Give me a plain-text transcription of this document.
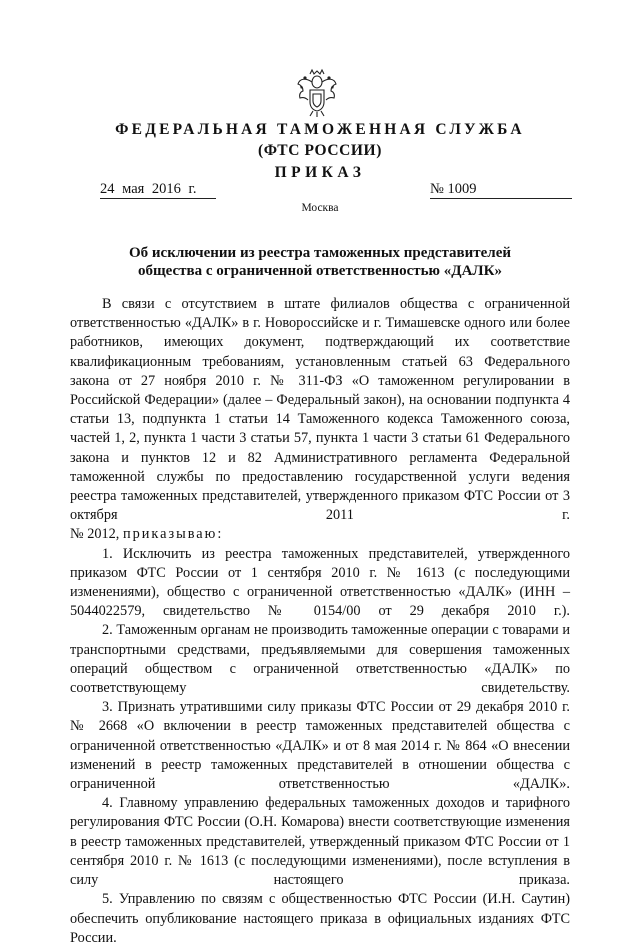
ФЕДЕРАЛЬНАЯ ТАМОЖЕННАЯ СЛУЖБА
(ФТС РОССИИ)
ПРИКАЗ
24 мая 2016 г.	№ 1009
Москва
Об исключении из реестра таможенных представителей
общества с ограниченной ответственностью «ДАЛК»

В связи с отсутствием в штате филиалов общества с ограниченной ответственностью «ДАЛК» в г. Новороссийске и г. Тимашевске одного или более работников, имеющих документ, подтверждающий их соответствие квалификационным требованиям, установленным статьей 63 Федерального закона от 27 ноября 2010 г. № 311-ФЗ «О таможенном регулировании в Российской Федерации» (далее – Федеральный закон), на основании подпункта 4 статьи 13, подпункта 1 статьи 14 Таможенного кодекса Таможенного союза, частей 1, 2, пункта 1 части 3 статьи 57, пункта 1 части 3 статьи 61 Федерального закона и пунктов 12 и 82 Административного регламента Федеральной таможенной службы по предоставлению государственной услуги ведения реестра таможенных представителей, утвержденного приказом ФТС России от 3 октября 2011 г.

№ 2012, приказываю:

1. Исключить из реестра таможенных представителей, утвержденного приказом ФТС России от 1 сентября 2010 г. № 1613 (с последующими изменениями), общество с ограниченной ответственностью «ДАЛК» (ИНН – 5044022579, свидетельство № 0154/00 от 29 декабря 2010 г.).

2. Таможенным органам не производить таможенные операции с товарами и транспортными средствами, предъявляемыми для совершения таможенных операций обществом с ограниченной ответственностью «ДАЛК» по соответствующему свидетельству.

3. Признать утратившими силу приказы ФТС России от 29 декабря 2010 г. № 2668 «О включении в реестр таможенных представителей общества с ограниченной ответственностью «ДАЛК» и от 8 мая 2014 г. № 864 «О внесении изменений в реестр таможенных представителей в отношении общества с ограниченной ответственностью «ДАЛК».

4. Главному управлению федеральных таможенных доходов и тарифного регулирования ФТС России (О.Н. Комарова) внести соответствующие изменения в реестр таможенных представителей, утвержденный приказом ФТС России от 1 сентября 2010 г. № 1613 (с последующими изменениями), после вступления в силу настоящего приказа.

5. Управлению по связям с общественностью ФТС России (И.Н. Саутин) обеспечить опубликование настоящего приказа в официальных изданиях ФТС России.
